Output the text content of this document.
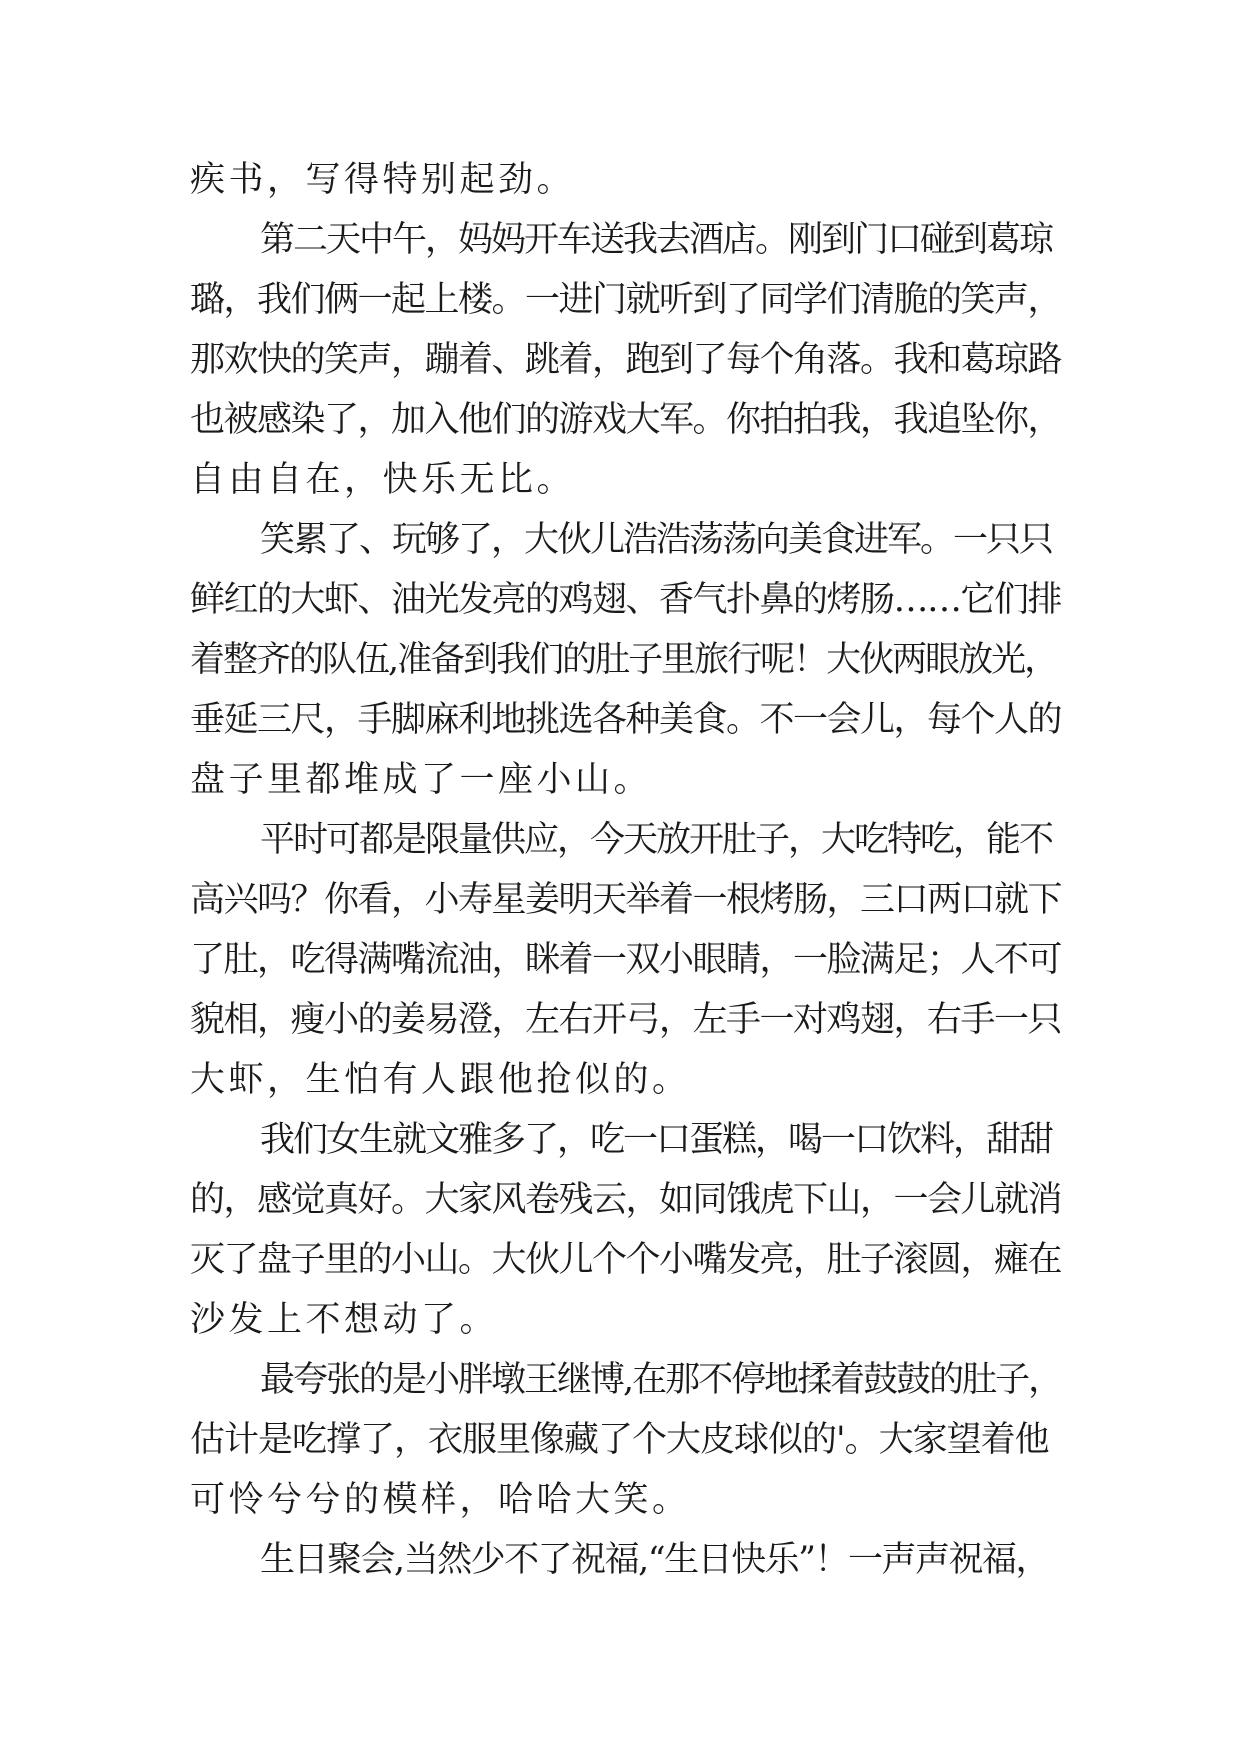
疾书，写得特别起劲。
第二天中午，妈妈开车送我去酒店。刚到门口碰到葛琼
璐，我们俩一起上楼。一进门就听到了同学们清脆的笑声，
那欢快的笑声，蹦着、跳着，跑到了每个角落。我和葛琼路
也被感染了，加入他们的游戏大军。你拍拍我，我追坠你，
自由自在，快乐无比。
笑累了、玩够了，大伙儿浩浩荡荡向美食进军。一只只
鲜红的大虾、油光发亮的鸡翅、香气扑鼻的烤肠……它们排
着整齐的队伍,准备到我们的肚子里旅行呢！大伙两眼放光，
垂延三尺，手脚麻利地挑选各种美食。不一会儿，每个人的
盘子里都堆成了一座小山。
平时可都是限量供应，今天放开肚子，大吃特吃，能不
高兴吗？你看，小寿星姜明天举着一根烤肠，三口两口就下
了肚，吃得满嘴流油，眯着一双小眼睛，一脸满足；人不可
貌相，瘦小的姜易澄，左右开弓，左手一对鸡翅，右手一只
大虾，生怕有人跟他抢似的。
我们女生就文雅多了，吃一口蛋糕，喝一口饮料，甜甜
的，感觉真好。大家风卷残云，如同饿虎下山，一会儿就消
灭了盘子里的小山。大伙儿个个小嘴发亮，肚子滚圆，瘫在
沙发上不想动了。
最夸张的是小胖墩王继博,在那不停地揉着鼓鼓的肚子，
估计是吃撑了，衣服里像藏了个大皮球似的'。大家望着他
可怜兮兮的模样，哈哈大笑。
生日聚会,当然少不了祝福,“生日快乐”！一声声祝福，
